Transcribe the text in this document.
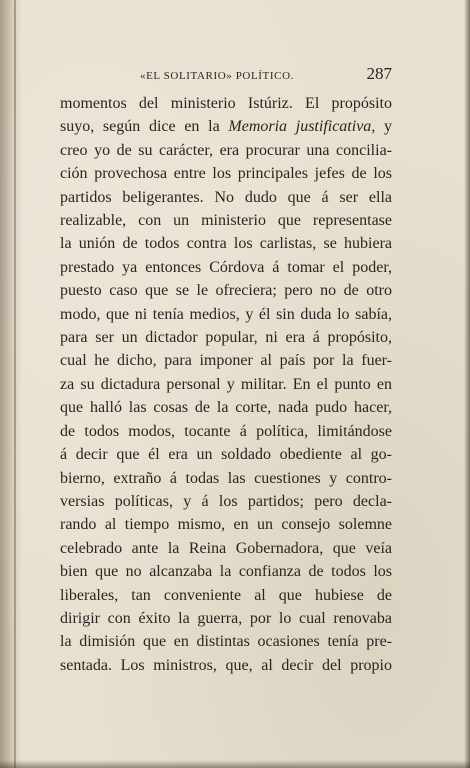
«EL SOLITARIO» POLÍTICO.	287
momentos del ministerio Istúriz. El propósito
suyo, según dice en la Memoria justificativa, y
creo yo de su carácter, era procurar una concilia-
ción provechosa entre los principales jefes de los
partidos beligerantes. No dudo que á ser ella
realizable, con un ministerio que representase
la unión de todos contra los carlistas, se hubiera
prestado ya entonces Córdova á tomar el poder,
puesto caso que se le ofreciera; pero no de otro
modo, que ni tenía medios, y él sin duda lo sabía,
para ser un dictador popular, ni era á propósito,
cual he dicho, para imponer al país por la fuer-
za su dictadura personal y militar. En el punto en
que halló las cosas de la corte, nada pudo hacer,
de todos modos, tocante á política, limitándose
á decir que él era un soldado obediente al go-
bierno, extraño á todas las cuestiones y contro-
versias políticas, y á los partidos; pero decla-
rando al tiempo mismo, en un consejo solemne
celebrado ante la Reina Gobernadora, que veía
bien que no alcanzaba la confianza de todos los
liberales, tan conveniente al que hubiese de
dirigir con éxito la guerra, por lo cual renovaba
la dimisión que en distintas ocasiones tenía pre-
sentada. Los ministros, que, al decir del propio
